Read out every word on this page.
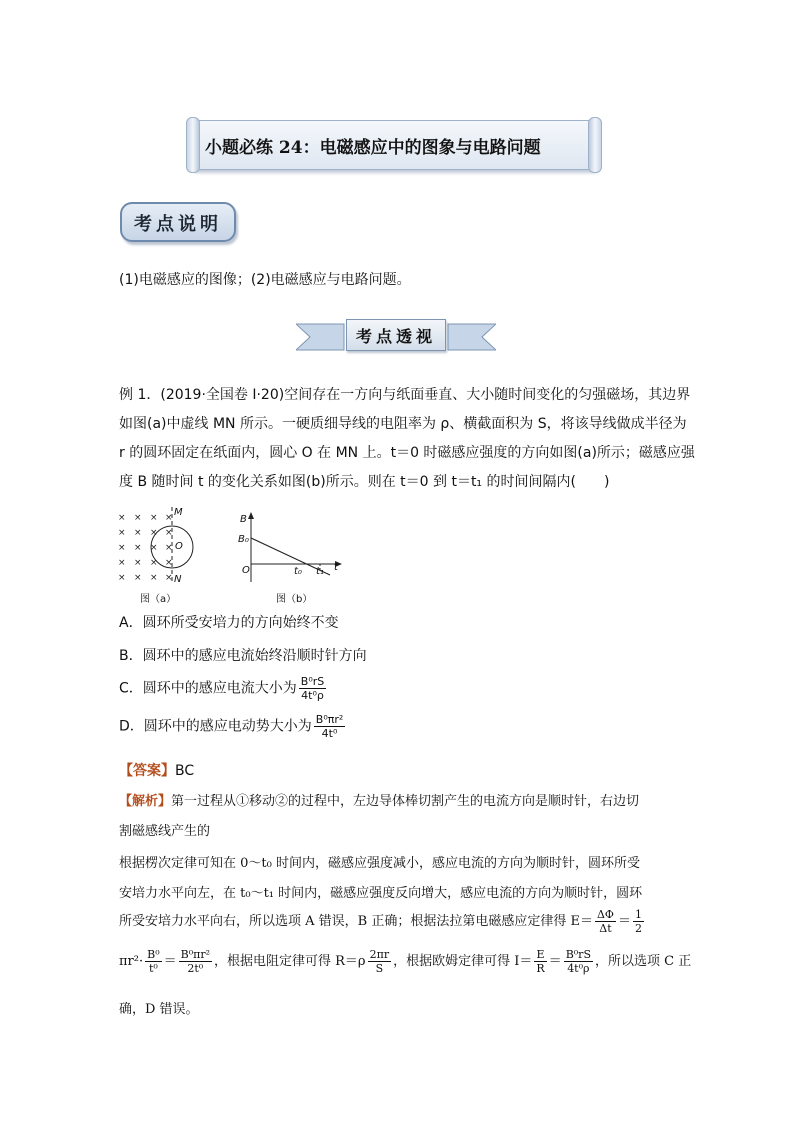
小题必练 24：电磁感应中的图象与电路问题
考点说明
(1)电磁感应的图像；(2)电磁感应与电路问题。
考点透视
例 1．(2019·全国卷 I·20)空间存在一方向与纸面垂直、大小随时间变化的匀强磁场，其边界
如图(a)中虚线 MN 所示。一硬质细导线的电阻率为 ρ、横截面积为 S，将该导线做成半径为
r 的圆环固定在纸面内，圆心 O 在 MN 上。t＝0 时磁感应强度的方向如图(a)所示；磁感应强
度 B 随时间 t 的变化关系如图(b)所示。则在 t＝0 到 t＝t₁ 的时间间隔内(　　)
× × × ×
× × × ×
× × × ×
× × × ×
× × × ×
M
N
O
图（a）
B
B₀
O	t₀ t₁ t
图（b）
A．圆环所受安培力的方向始终不变
B．圆环中的感应电流始终沿顺时针方向
C．圆环中的感应电流大小为 $\frac{\text{B⁰rS}}{\text{4t⁰ρ}}$
D．圆环中的感应电动势大小为 $\frac{\text{B⁰πr²}}{\text{4t⁰}}$
【答案】BC
【解析】第一过程从①移动②的过程中，左边导体棒切割产生的电流方向是顺时针，右边切
割磁感线产生的
根据楞次定律可知在 0～t₀ 时间内，磁感应强度减小，感应电流的方向为顺时针，圆环所受
安培力水平向左，在 t₀～t₁ 时间内，磁感应强度反向增大，感应电流的方向为顺时针，圆环
所受安培力水平向右，所以选项 A 错误，B 正确；根据法拉第电磁感应定律得 $E= \frac{\Delta\Phi}{\Delta t} = \frac{1}{2}$
$\pi r^2\cdot \frac{\text{B⁰}}{\text{t⁰}} = \frac{\text{B⁰πr²}}{\text{2t⁰}}$ ，根据电阻定律可得 $R=\rho \frac{2\pi r}{S}$ ，根据欧姆定律可得 $I= \frac{E}{R} = \frac{\text{B⁰rS}}{\text{4t⁰ρ}}$ ，所以选项 C 正
确，D 错误。
